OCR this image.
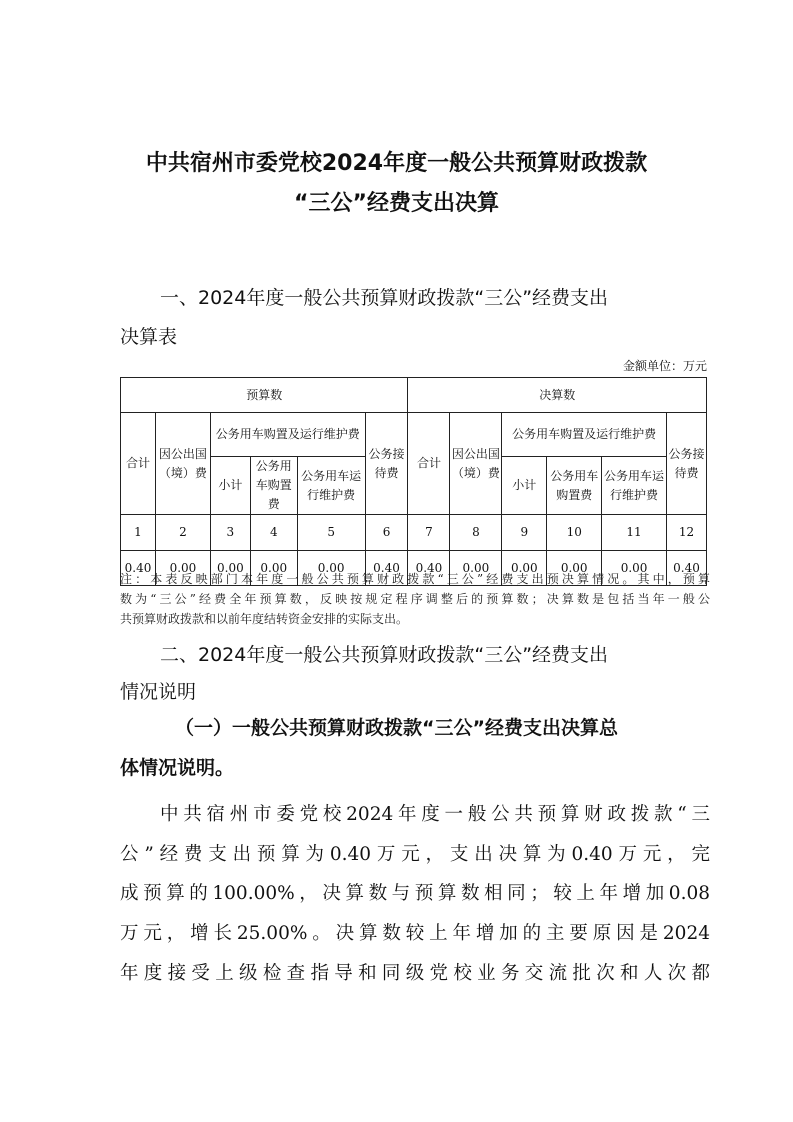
中共宿州市委党校2024年度一般公共预算财政拨款
“三公”经费支出决算
一、2024年度一般公共预算财政拨款“三公”经费支出
决算表
金额单位：万元
预算数						决算数					
合计	因公出国（境）费	公务用车购置及运行维护费			公务接待费	合计	因公出国（境）费	公务用车购置及运行维护费			公务接待费
		小计	公务用车购置费	公务用车运行维护费				小计	公务用车购置费	公务用车运行维护费	
1	2	3	4	5	6	7	8	9	10	11	12
0.40	0.00	0.00	0.00	0.00	0.40	0.40	0.00	0.00	0.00	0.00	0.40
注：本表反映部门本年度一般公共预算财政拨款“三公”经费支出预决算情况。其中，预算
数为“三公”经费全年预算数，反映按规定程序调整后的预算数；决算数是包括当年一般公
共预算财政拨款和以前年度结转资金安排的实际支出。
二、2024年度一般公共预算财政拨款“三公”经费支出
情况说明
（一）一般公共预算财政拨款“三公”经费支出决算总
体情况说明。
中共宿州市委党校2024年度一般公共预算财政拨款“三
公”经费支出预算为0.40万元，支出决算为0.40万元，完
成预算的100.00%，决算数与预算数相同；较上年增加0.08
万元，增长25.00%。决算数较上年增加的主要原因是2024
年度接受上级检查指导和同级党校业务交流批次和人次都
